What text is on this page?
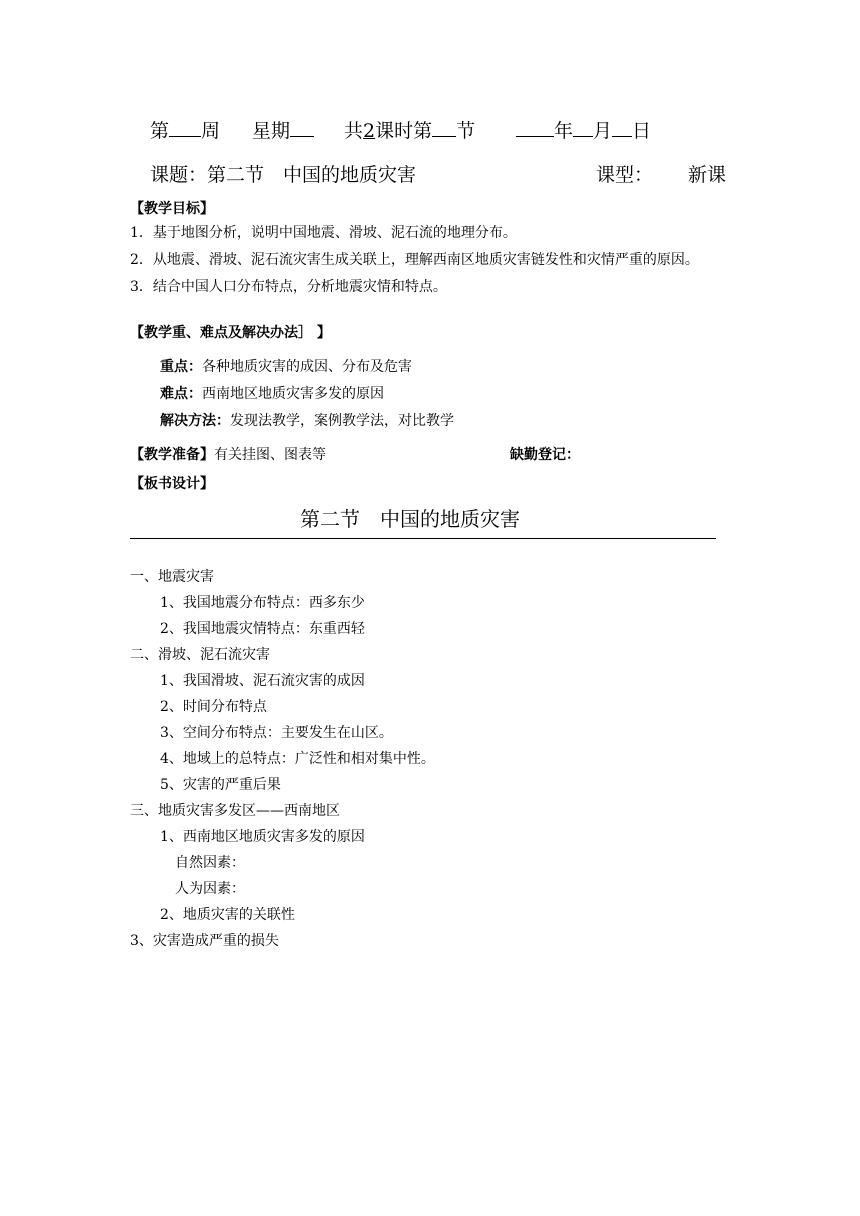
第 周 星期	共2课时第 节	年 月 日
课题：第二节　中国的地质灾害	课型： 新课
【教学目标】
1．基于地图分析，说明中国地震、滑坡、泥石流的地理分布。
2．从地震、滑坡、泥石流灾害生成关联上，理解西南区地质灾害链发性和灾情严重的原因。
3．结合中国人口分布特点，分析地震灾情和特点。
【教学重、难点及解决办法］ 】
重点：各种地质灾害的成因、分布及危害
难点：西南地区地质灾害多发的原因
解决方法：发现法教学，案例教学法，对比教学
【教学准备】有关挂图、图表等	缺勤登记：
【板书设计】
第二节　中国的地质灾害
一、地震灾害
1、我国地震分布特点：西多东少
2、我国地震灾情特点：东重西轻
二、滑坡、泥石流灾害
1、我国滑坡、泥石流灾害的成因
2、时间分布特点
3、空间分布特点：主要发生在山区。
4、地域上的总特点：广泛性和相对集中性。
5、灾害的严重后果
三、地质灾害多发区——西南地区
1、西南地区地质灾害多发的原因
自然因素：
人为因素：
2、地质灾害的关联性
3、灾害造成严重的损失
